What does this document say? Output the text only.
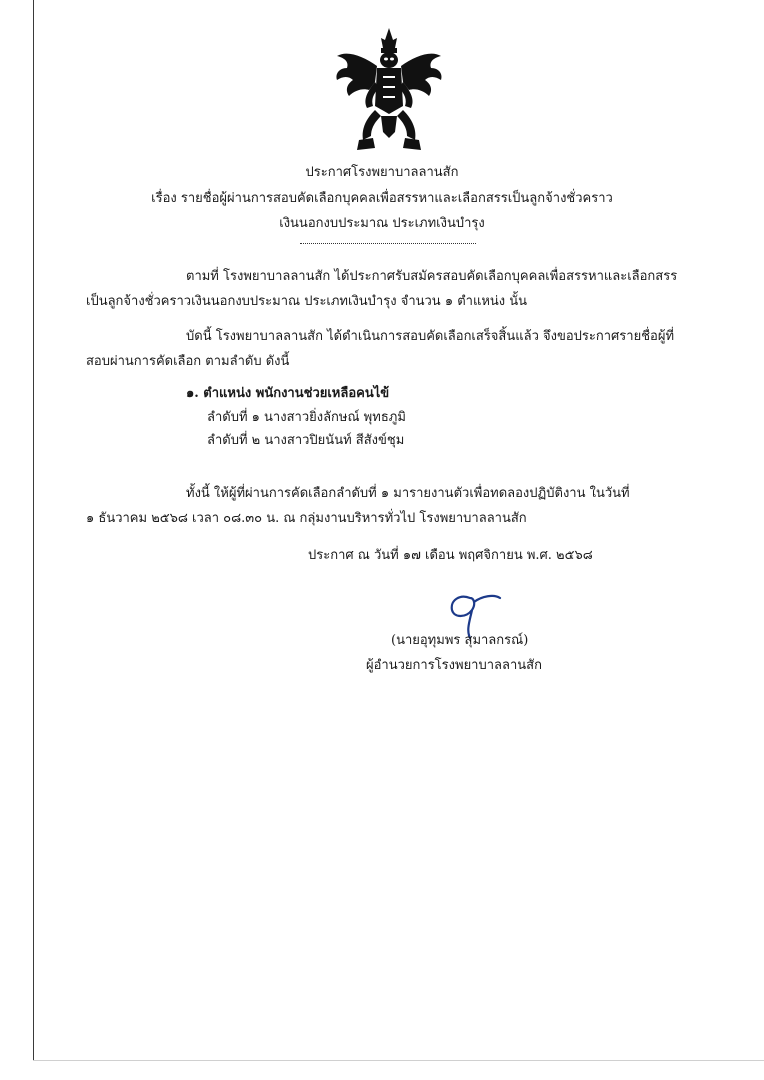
ประกาศโรงพยาบาลลานสัก
เรื่อง รายชื่อผู้ผ่านการสอบคัดเลือกบุคคลเพื่อสรรหาและเลือกสรรเป็นลูกจ้างชั่วคราว
เงินนอกงบประมาณ ประเภทเงินบำรุง
ตามที่ โรงพยาบาลลานสัก ได้ประกาศรับสมัครสอบคัดเลือกบุคคลเพื่อสรรหาและเลือกสรร
เป็นลูกจ้างชั่วคราวเงินนอกงบประมาณ ประเภทเงินบำรุง จำนวน ๑ ตำแหน่ง นั้น
บัดนี้ โรงพยาบาลลานสัก ได้ดำเนินการสอบคัดเลือกเสร็จสิ้นแล้ว จึงขอประกาศรายชื่อผู้ที่
สอบผ่านการคัดเลือก ตามลำดับ ดังนี้
๑. ตำแหน่ง พนักงานช่วยเหลือคนไข้
ลำดับที่ ๑ นางสาวยิ่งลักษณ์ พุทธภูมิ
ลำดับที่ ๒ นางสาวปิยนันท์ สีสังข์ชุม
ทั้งนี้ ให้ผู้ที่ผ่านการคัดเลือกลำดับที่ ๑ มารายงานตัวเพื่อทดลองปฏิบัติงาน ในวันที่
๑ ธันวาคม ๒๕๖๘ เวลา ๐๘.๓๐ น. ณ กลุ่มงานบริหารทั่วไป โรงพยาบาลลานสัก
ประกาศ ณ วันที่ ๑๗ เดือน พฤศจิกายน พ.ศ. ๒๕๖๘
(นายอุทุมพร สุมาลกรณ์)
ผู้อำนวยการโรงพยาบาลลานสัก
